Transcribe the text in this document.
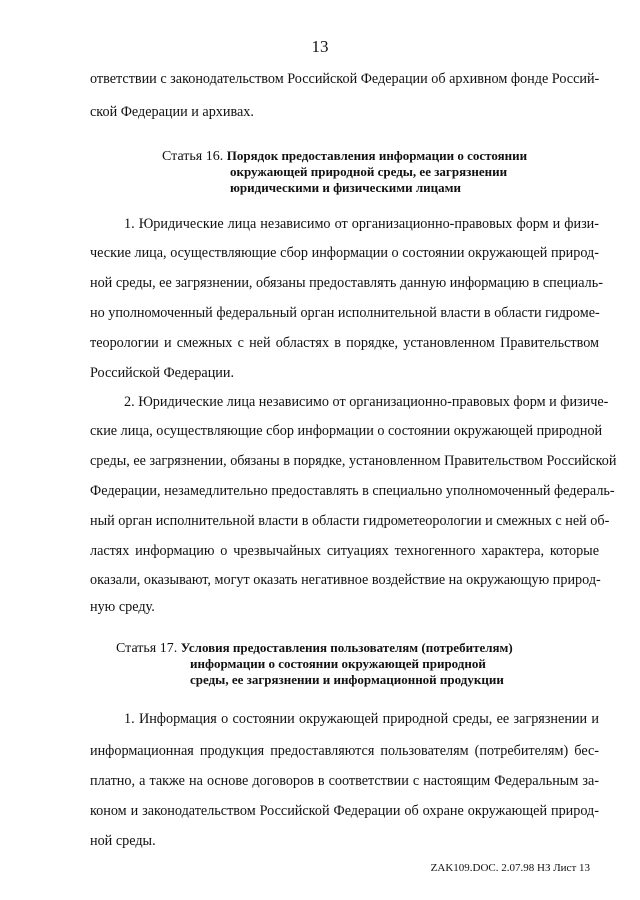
13
ответствии с законодательством Российской Федерации об архивном фонде Россий-
ской Федерации и архивах.
Статья 16. Порядок предоставления информации о состоянии
окружающей природной среды, ее загрязнении
юридическими и физическими лицами
1. Юридические лица независимо от организационно-правовых форм и физи-
ческие лица, осуществляющие сбор информации о состоянии окружающей природ-
ной среды, ее загрязнении, обязаны предоставлять данную информацию в специаль-
но уполномоченный федеральный орган исполнительной власти в области гидроме-
теорологии и смежных с ней областях в порядке, установленном Правительством
Российской Федерации.
2. Юридические лица независимо от организационно-правовых форм и физиче-
ские лица, осуществляющие сбор информации о состоянии окружающей природной
среды, ее загрязнении, обязаны в порядке, установленном Правительством Российской
Федерации, незамедлительно предоставлять в специально уполномоченный федераль-
ный орган исполнительной власти в области гидрометеорологии и смежных с ней об-
ластях информацию о чрезвычайных ситуациях техногенного характера, которые
оказали, оказывают, могут оказать негативное воздействие на окружающую природ-
ную среду.
Статья 17. Условия предоставления пользователям (потребителям)
информации о состоянии окружающей природной
среды, ее загрязнении и информационной продукции
1. Информация о состоянии окружающей природной среды, ее загрязнении и
информационная продукция предоставляются пользователям (потребителям) бес-
платно, а также на основе договоров в соответствии с настоящим Федеральным за-
коном и законодательством Российской Федерации об охране окружающей природ-
ной среды.
ZAK109.DOC. 2.07.98 НЗ Лист 13
